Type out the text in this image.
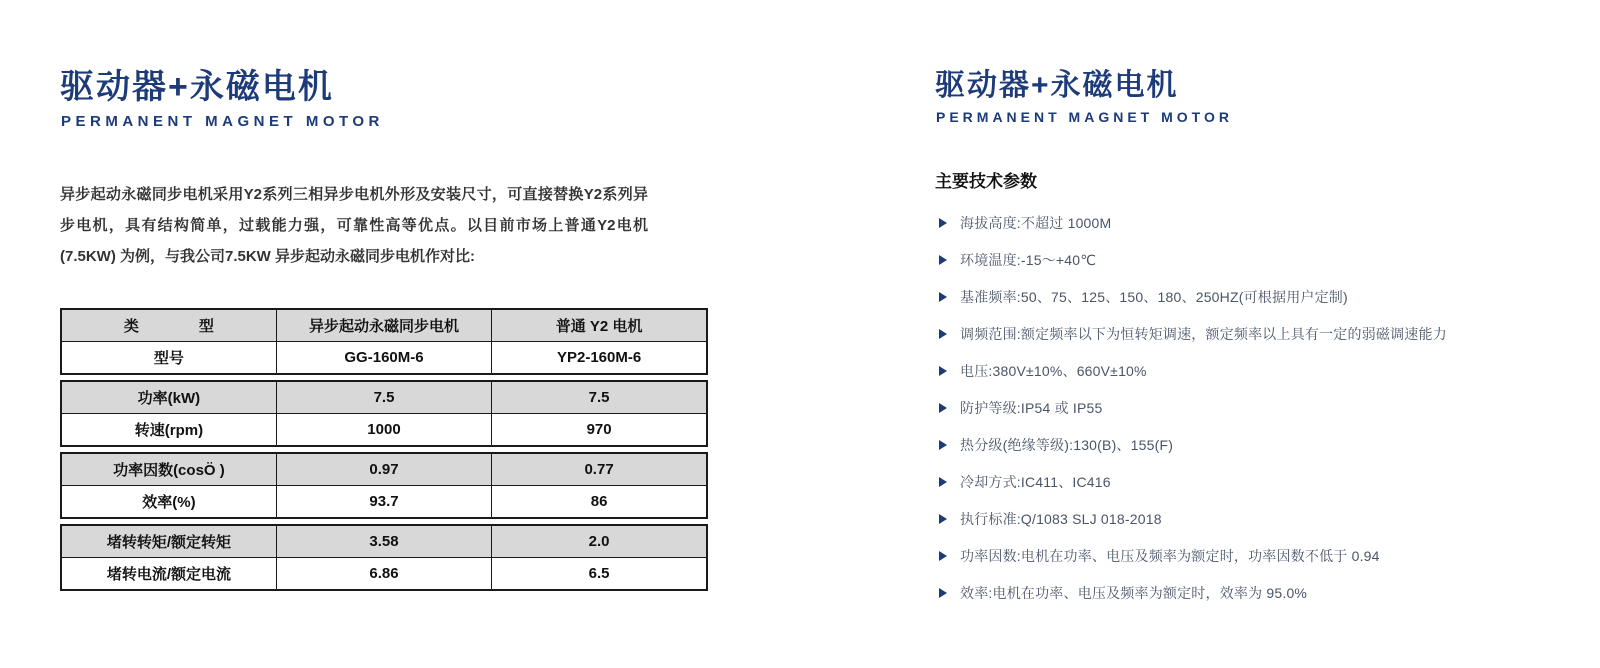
驱动器+永磁电机
PERMANENT MAGNET MOTOR

异步起动永磁同步电机采用Y2系列三相异步电机外形及安装尺寸，可直接替换Y2系列异步电机，具有结构简单，过载能力强，可靠性高等优点。以目前市场上普通Y2电机 (7.5KW) 为例，与我公司7.5KW 异步起动永磁同步电机作对比:

类　　　　型	异步起动永磁同步电机	普通 Y2 电机
型号	GG-160M-6	YP2-160M-6
功率(kW)	7.5	7.5
转速(rpm)	1000	970
功率因数(cosÖ )	0.97	0.77
效率(%)	93.7	86
堵转转矩/额定转矩	3.58	2.0
堵转电流/额定电流	6.86	6.5
驱动器+永磁电机
PERMANENT MAGNET MOTOR
主要技术参数
海拔高度:不超过 1000M
环境温度:-15～+40℃
基准频率:50、75、125、150、180、250HZ(可根据用户定制)
调频范围:额定频率以下为恒转矩调速，额定频率以上具有一定的弱磁调速能力
电压:380V±10%、660V±10%
防护等级:IP54 或 IP55
热分级(绝缘等级):130(B)、155(F)
冷却方式:IC411、IC416
执行标准:Q/1083 SLJ 018-2018
功率因数:电机在功率、电压及频率为额定时，功率因数不低于 0.94
效率:电机在功率、电压及频率为额定时，效率为 95.0%
